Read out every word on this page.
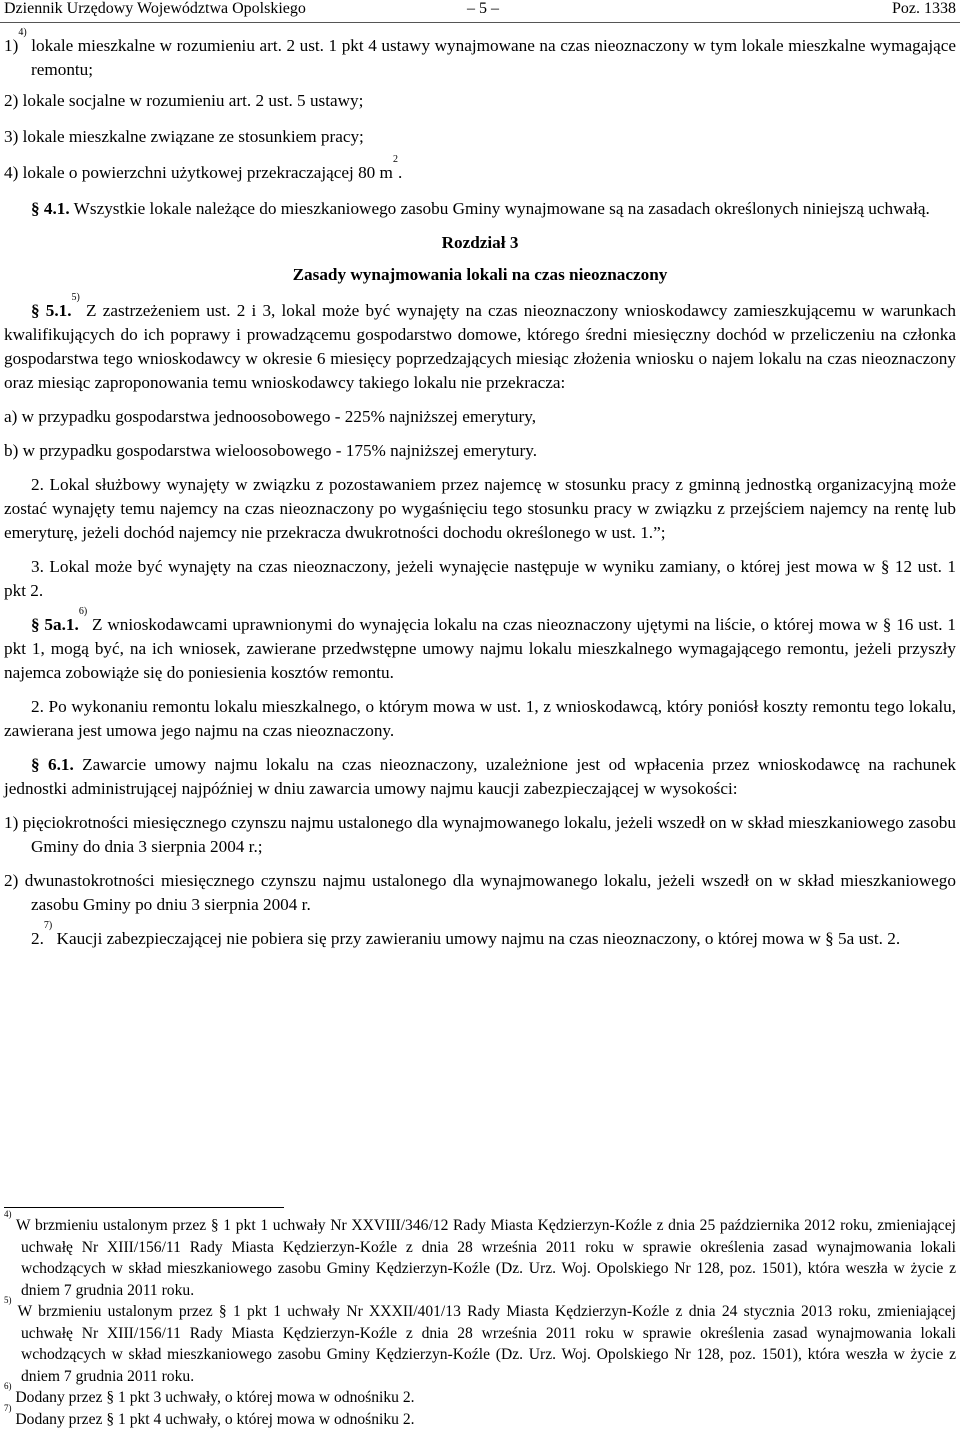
Dziennik Urzędowy Województwa Opolskiego	– 5 –	Poz. 1338

1)$^{4)}$ lokale mieszkalne w rozumieniu art. 2 ust. 1 pkt 4 ustawy wynajmowane na czas nieoznaczony w tym lokale mieszkalne wymagające remontu;

2) lokale socjalne w rozumieniu art. 2 ust. 5 ustawy;

3) lokale mieszkalne związane ze stosunkiem pracy;

4) lokale o powierzchni użytkowej przekraczającej 80 $m^2$.

§ 4.1. Wszystkie lokale należące do mieszkaniowego zasobu Gminy wynajmowane są na zasadach określonych niniejszą uchwałą.

Rozdział 3

Zasady wynajmowania lokali na czas nieoznaczony

§ 5.1.$^{5)}$ Z zastrzeżeniem ust. 2 i 3, lokal może być wynajęty na czas nieoznaczony wnioskodawcy zamieszkującemu w warunkach kwalifikujących do ich poprawy i prowadzącemu gospodarstwo domowe, którego średni miesięczny dochód w przeliczeniu na członka gospodarstwa tego wnioskodawcy w okresie 6 miesięcy poprzedzających miesiąc złożenia wniosku o najem lokalu na czas nieoznaczony oraz miesiąc zaproponowania temu wnioskodawcy takiego lokalu nie przekracza:

a) w przypadku gospodarstwa jednoosobowego - 225% najniższej emerytury,

b) w przypadku gospodarstwa wieloosobowego - 175% najniższej emerytury.

2. Lokal służbowy wynajęty w związku z pozostawaniem przez najemcę w stosunku pracy z gminną jednostką organizacyjną może zostać wynajęty temu najemcy na czas nieoznaczony po wygaśnięciu tego stosunku pracy w związku z przejściem najemcy na rentę lub emeryturę, jeżeli dochód najemcy nie przekracza dwukrotności dochodu określonego w ust. 1.”;

3. Lokal może być wynajęty na czas nieoznaczony, jeżeli wynajęcie następuje w wyniku zamiany, o której jest mowa w § 12 ust. 1 pkt 2.

§ 5a.1.$^{6)}$ Z wnioskodawcami uprawnionymi do wynajęcia lokalu na czas nieoznaczony ujętymi na liście, o której mowa w § 16 ust. 1 pkt 1, mogą być, na ich wniosek, zawierane przedwstępne umowy najmu lokalu mieszkalnego wymagającego remontu, jeżeli przyszły najemca zobowiąże się do poniesienia kosztów remontu.

2. Po wykonaniu remontu lokalu mieszkalnego, o którym mowa w ust. 1, z wnioskodawcą, który poniósł koszty remontu tego lokalu, zawierana jest umowa jego najmu na czas nieoznaczony.

§ 6.1. Zawarcie umowy najmu lokalu na czas nieoznaczony, uzależnione jest od wpłacenia przez wnioskodawcę na rachunek jednostki administrującej najpóźniej w dniu zawarcia umowy najmu kaucji zabezpieczającej w wysokości:

1) pięciokrotności miesięcznego czynszu najmu ustalonego dla wynajmowanego lokalu, jeżeli wszedł on w skład mieszkaniowego zasobu Gminy do dnia 3 sierpnia 2004 r.;

2) dwunastokrotności miesięcznego czynszu najmu ustalonego dla wynajmowanego lokalu, jeżeli wszedł on w skład mieszkaniowego zasobu Gminy po dniu 3 sierpnia 2004 r.

2.$^{7)}$ Kaucji zabezpieczającej nie pobiera się przy zawieraniu umowy najmu na czas nieoznaczony, o której mowa w § 5a ust. 2.

$^{4)}$ W brzmieniu ustalonym przez § 1 pkt 1 uchwały Nr XXVIII/346/12 Rady Miasta Kędzierzyn-Koźle z dnia 25 października 2012 roku, zmieniającej uchwałę Nr XIII/156/11 Rady Miasta Kędzierzyn-Koźle z dnia 28 września 2011 roku w sprawie określenia zasad wynajmowania lokali wchodzących w skład mieszkaniowego zasobu Gminy Kędzierzyn-Koźle (Dz. Urz. Woj. Opolskiego Nr 128, poz. 1501), która weszła w życie z dniem 7 grudnia 2011 roku.

$^{5)}$ W brzmieniu ustalonym przez § 1 pkt 1 uchwały Nr XXXII/401/13 Rady Miasta Kędzierzyn-Koźle z dnia 24 stycznia 2013 roku, zmieniającej uchwałę Nr XIII/156/11 Rady Miasta Kędzierzyn-Koźle z dnia 28 września 2011 roku w sprawie określenia zasad wynajmowania lokali wchodzących w skład mieszkaniowego zasobu Gminy Kędzierzyn-Koźle (Dz. Urz. Woj. Opolskiego Nr 128, poz. 1501), która weszła w życie z dniem 7 grudnia 2011 roku.

$^{6)}$ Dodany przez § 1 pkt 3 uchwały, o której mowa w odnośniku 2.

$^{7)}$ Dodany przez § 1 pkt 4 uchwały, o której mowa w odnośniku 2.
